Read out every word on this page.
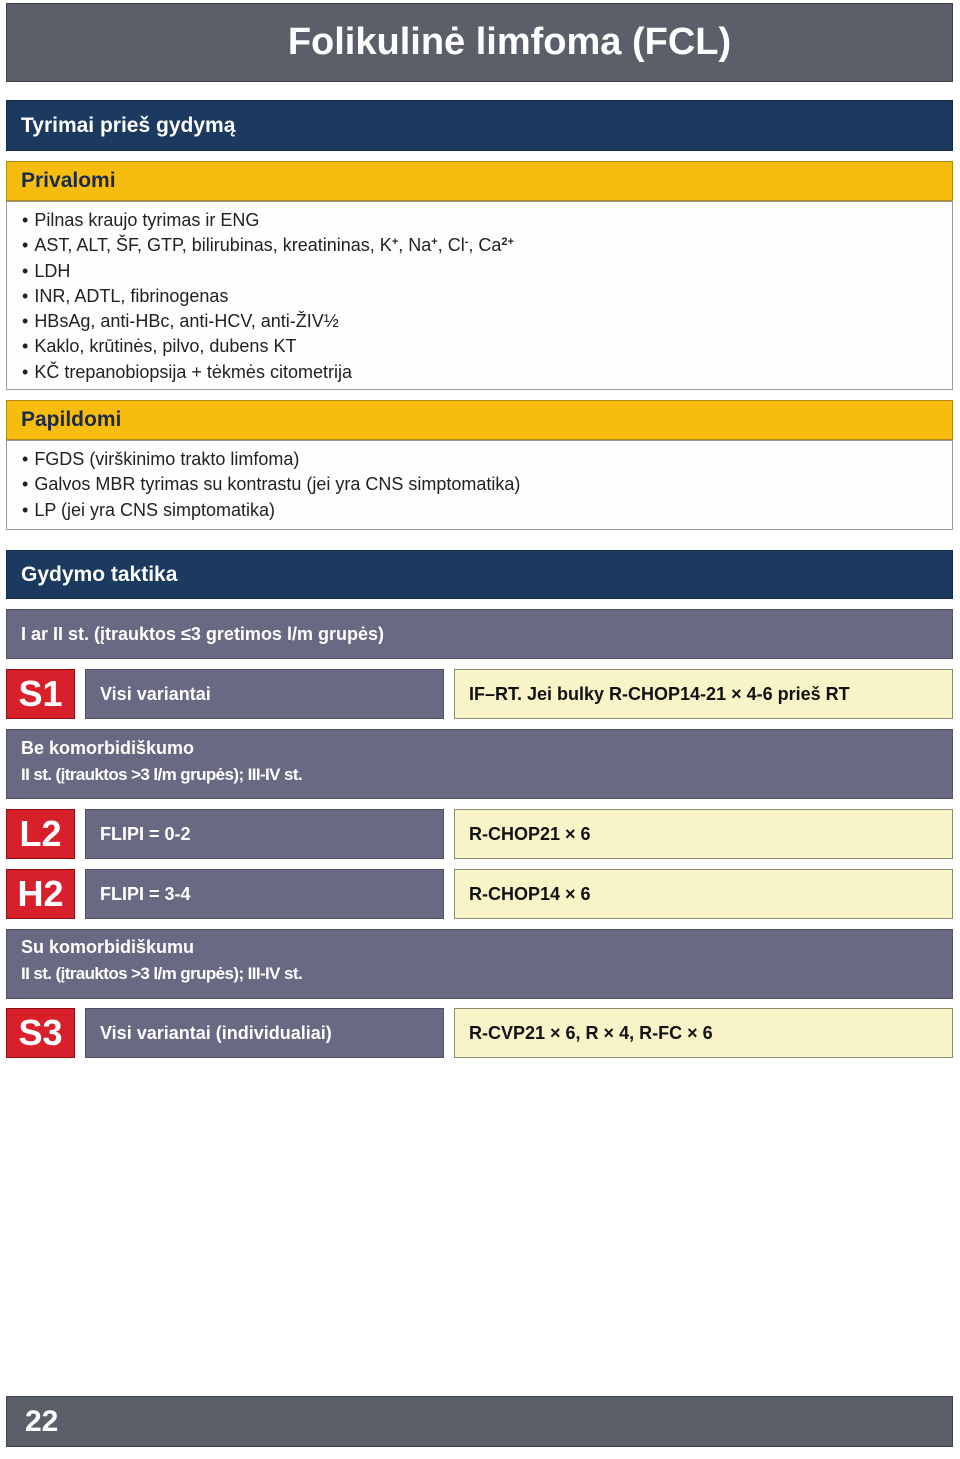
Folikulinė limfoma (FCL)
Tyrimai prieš gydymą
Privalomi
• Pilnas kraujo tyrimas ir ENG
• AST, ALT, ŠF, GTP, bilirubinas, kreatininas, K+, Na+, Cl-, $Ca^{2+}$
• LDH
• INR, ADTL, fibrinogenas
• HBsAg, anti-HBc, anti-HCV, anti-ŽIV½
• Kaklo, krūtinės, pilvo, dubens KT
• KČ trepanobiopsija + tėkmės citometrija
Papildomi
• FGDS (virškinimo trakto limfoma)
• Galvos MBR tyrimas su kontrastu (jei yra CNS simptomatika)
• LP (jei yra CNS simptomatika)
Gydymo taktika
I ar II st. (įtrauktos ≤3 gretimos l/m grupės)
S1 Visi variantai	IF–RT. Jei bulky R-CHOP14-21 × 4-6 prieš RT
Be komorbidiškumo
II st. (įtrauktos >3 l/m grupės); III-IV st.
L2 FLIPI = 0-2	R-CHOP21 × 6
H2 FLIPI = 3-4	R-CHOP14 × 6
Su komorbidiškumu
II st. (įtrauktos >3 l/m grupės); III-IV st.
S3 Visi variantai (individualiai)	R-CVP21 × 6, R × 4, R-FC × 6
22
